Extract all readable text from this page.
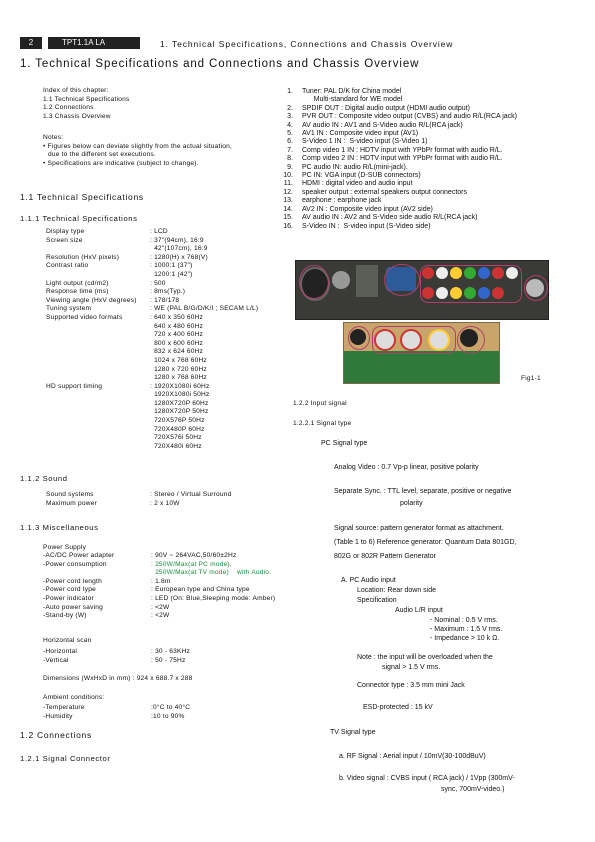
2	TPT1.1A LA	1. Technical Specifications, Connections and Chassis Overview
1. Technical Specifications and Connections and Chassis Overview
Index of this chapter:
1.1 Technical Specifications
1.2 Connections
1.3 Chassis Overview
Notes:
• Figures below can deviate slightly from the actual situation,
due to the different set executions.
• Specifications are indicative (subject to change).
1.1 Technical Specifications
1.1.1 Technical Specifications
Display type	: LCD
Screen size	: 37"(94cm), 16:9
42"(107cm), 16:9
Resolution (HxV pixels)	: 1280(H) x 768(V)
Contrast ratio	: 1000:1 (37")
1200:1 (42")
Light output (cd/m2)	: 500
Response time (ms)	: 8ms(Typ.)
Viewing angle (HxV degrees)	: 178/178
Tuning system	: WE (PAL B/G/D/K/I ; SECAM L/L)
Supported video formats	: 640 x 350 60Hz
640 x 480 60Hz
720 x 400 60Hz
800 x 600 60Hz
832 x 624 60Hz
1024 x 768 60Hz
1280 x 720 60Hz
1280 x 768 60Hz
HD support timing	: 1920X1080i 60Hz
1920X1080i 50Hz
1280X720P 60Hz
1280X720P 50Hz
720X576P 50Hz
720X480P 60Hz
720X576i 50Hz
720X480i 60Hz
1.1.2 Sound
Sound systems	: Stereo / Virtual Surround
Maximum power	: 2 x 10W
1.1.3 Miscellaneous
Power Supply
-AC/DC Power adapter	: 90V ~ 264VAC,50/60±2Hz
-Power consumption	: 250W/Max(at PC mode),
250W/Max(at TV mode)    with Audio.
-Power cord length	: 1.8m
-Power cord type	: European type and China type
-Power indicator	: LED (On: Blue,Sleeping mode: Amber)
-Auto power saving	: <2W
-Stand-by (W)	: <2W
Horizontal scan
-Horizontal	: 30 - 63KHz
-Vertical	: 50 - 75Hz
Dimensions (WxHxD in mm) : 924 x 688.7 x 288
Ambient conditions:
-Temperature	:0°C to 40°C
-Humidity	:10 to 90%
1.2 Connections
1.2.1 Signal Connector
1. Tuner: PAL D/K for China model
Multi-standard for WE model
2. SPDIF OUT : Digital audio output (HDMI audio output)
3. PVR OUT : Composite video output (CVBS) and audio R/L(RCA jack)
4. AV audio IN : AV1 and S-Video audio R/L(RCA jack)
5. AV1 IN : Composite video input (AV1)
6. S-Video 1 IN :  S-video input (S-Video 1)
7. Comp video 1 IN : HDTV input with YPbPr format with audio R/L.
8. Comp video 2 IN : HDTV input with YPbPr format with audio R/L.
9. PC audio IN: audio R/L(mini-jack).
10. PC IN: VGA input (D-SUB connectors)
11. HDMI : digital video and audio input
12. speaker output : external speakers output connectors
13. earphone : earphone jack
14. AV2 IN : Composite video input (AV2 side)
15. AV audio IN : AV2 and S-Video side audio R/L(RCA jack)
16. S-Video IN :  S-video input (S-Video side)
Fig1-1
1.2.2 Input signal
1.2.2.1 Signal type
PC Signal type
Analog Video : 0.7 Vp-p linear, positive polarity
Separate Sync. : TTL level, separate, positive or negative
polarity
Signal source: pattern generator format as attachment.
(Table 1 to 6) Reference generator: Quantum Data 801GD,
802G or 802R Pattern Generator
A. PC Audio input
Location: Rear down side
Specification
Audio L/R input
- Nominal : 0.5 V rms.
- Maximum : 1.5 V rms.
- Impedance > 10 k Ω.
Note : the input will be overloaded when the
signal > 1.5 V rms.
Connector type : 3.5 mm mini Jack
ESD-protected : 15 kV
TV Signal type
a. RF Signal : Aerial input / 10mV(30-100dBuV)
b. Video signal : CVBS input ( RCA jack) / 1Vpp (300mV-
sync, 700mV-video.)
